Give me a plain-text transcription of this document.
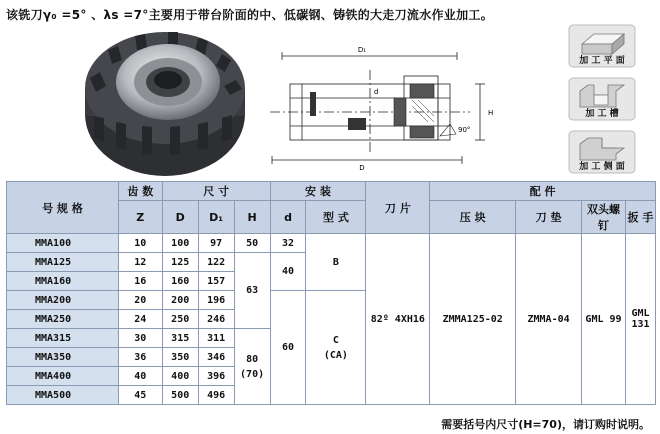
该铣刀γ₀ =5° 、λs =7°主要用于带台阶面的中、低碳钢、铸铁的大走刀流水作业加工。
D₁
D
H
d
90°
加 工 平 面
加 工 槽
加 工 侧 面
号 规 格	齿 数	尺 寸			安 装		刀 片	配 件			
	Z	D	D₁	H	d	型 式		压 块	刀 垫	双头螺钉	扳 手
MMA100	10	100	97	50	32	B	82º 4XH16	ZMMA125-02	ZMMA-04	GML 99	GML 131
MMA125	12	125	122	63	40						
MMA160	16	160	157								
MMA200	20	200	196		60	C
(CA)					

MMA250	24	250	246								
MMA315	30	315	311	80
(70)							

MMA350	36	350	346								
MMA400	40	400	396								
MMA500	45	500	496								
需要括号内尺寸(H=70)，请订购时说明。
